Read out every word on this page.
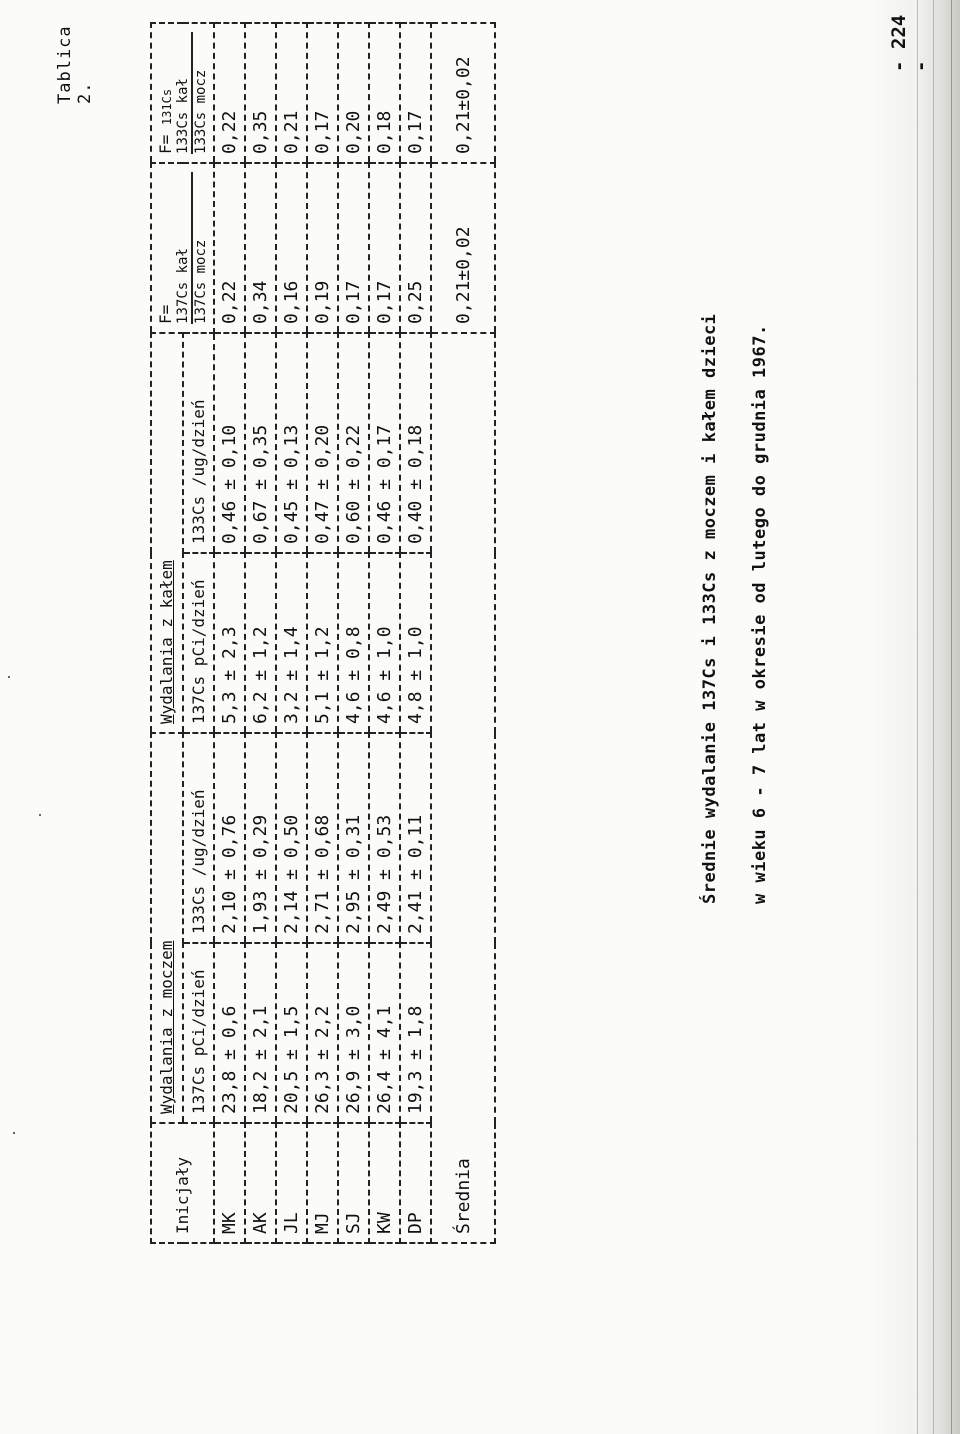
Tablica 2.
- 224 -
Inicjały	Wydalania z moczem		Wydalania z kałem		F= 137Cs kał 137Cs mocz	F= 131Cs 133Cs kał 133Cs mocz

	137Cs pCi/dzień	133Cs /ug/dzień	137Cs pCi/dzień	133Cs /ug/dzień		
MK	23,8 ± 0,6	2,10 ± 0,76	5,3 ± 2,3	0,46 ± 0,10	0,22	0,22
AK	18,2 ± 2,1	1,93 ± 0,29	6,2 ± 1,2	0,67 ± 0,35	0,34	0,35
JL	20,5 ± 1,5	2,14 ± 0,50	3,2 ± 1,4	0,45 ± 0,13	0,16	0,21
MJ	26,3 ± 2,2	2,71 ± 0,68	5,1 ± 1,2	0,47 ± 0,20	0,19	0,17
SJ	26,9 ± 3,0	2,95 ± 0,31	4,6 ± 0,8	0,60 ± 0,22	0,17	0,20
KW	26,4 ± 4,1	2,49 ± 0,53	4,6 ± 1,0	0,46 ± 0,17	0,17	0,18
DP	19,3 ± 1,8	2,41 ± 0,11	4,8 ± 1,0	0,40 ± 0,18	0,25	0,17
Średnia					0,21±0,02	0,21±0,02
Średnie wydalanie 137Cs i 133Cs z moczem i kałem dzieci w wieku 6 - 7 lat w okresie od lutego do grudnia 1967.
